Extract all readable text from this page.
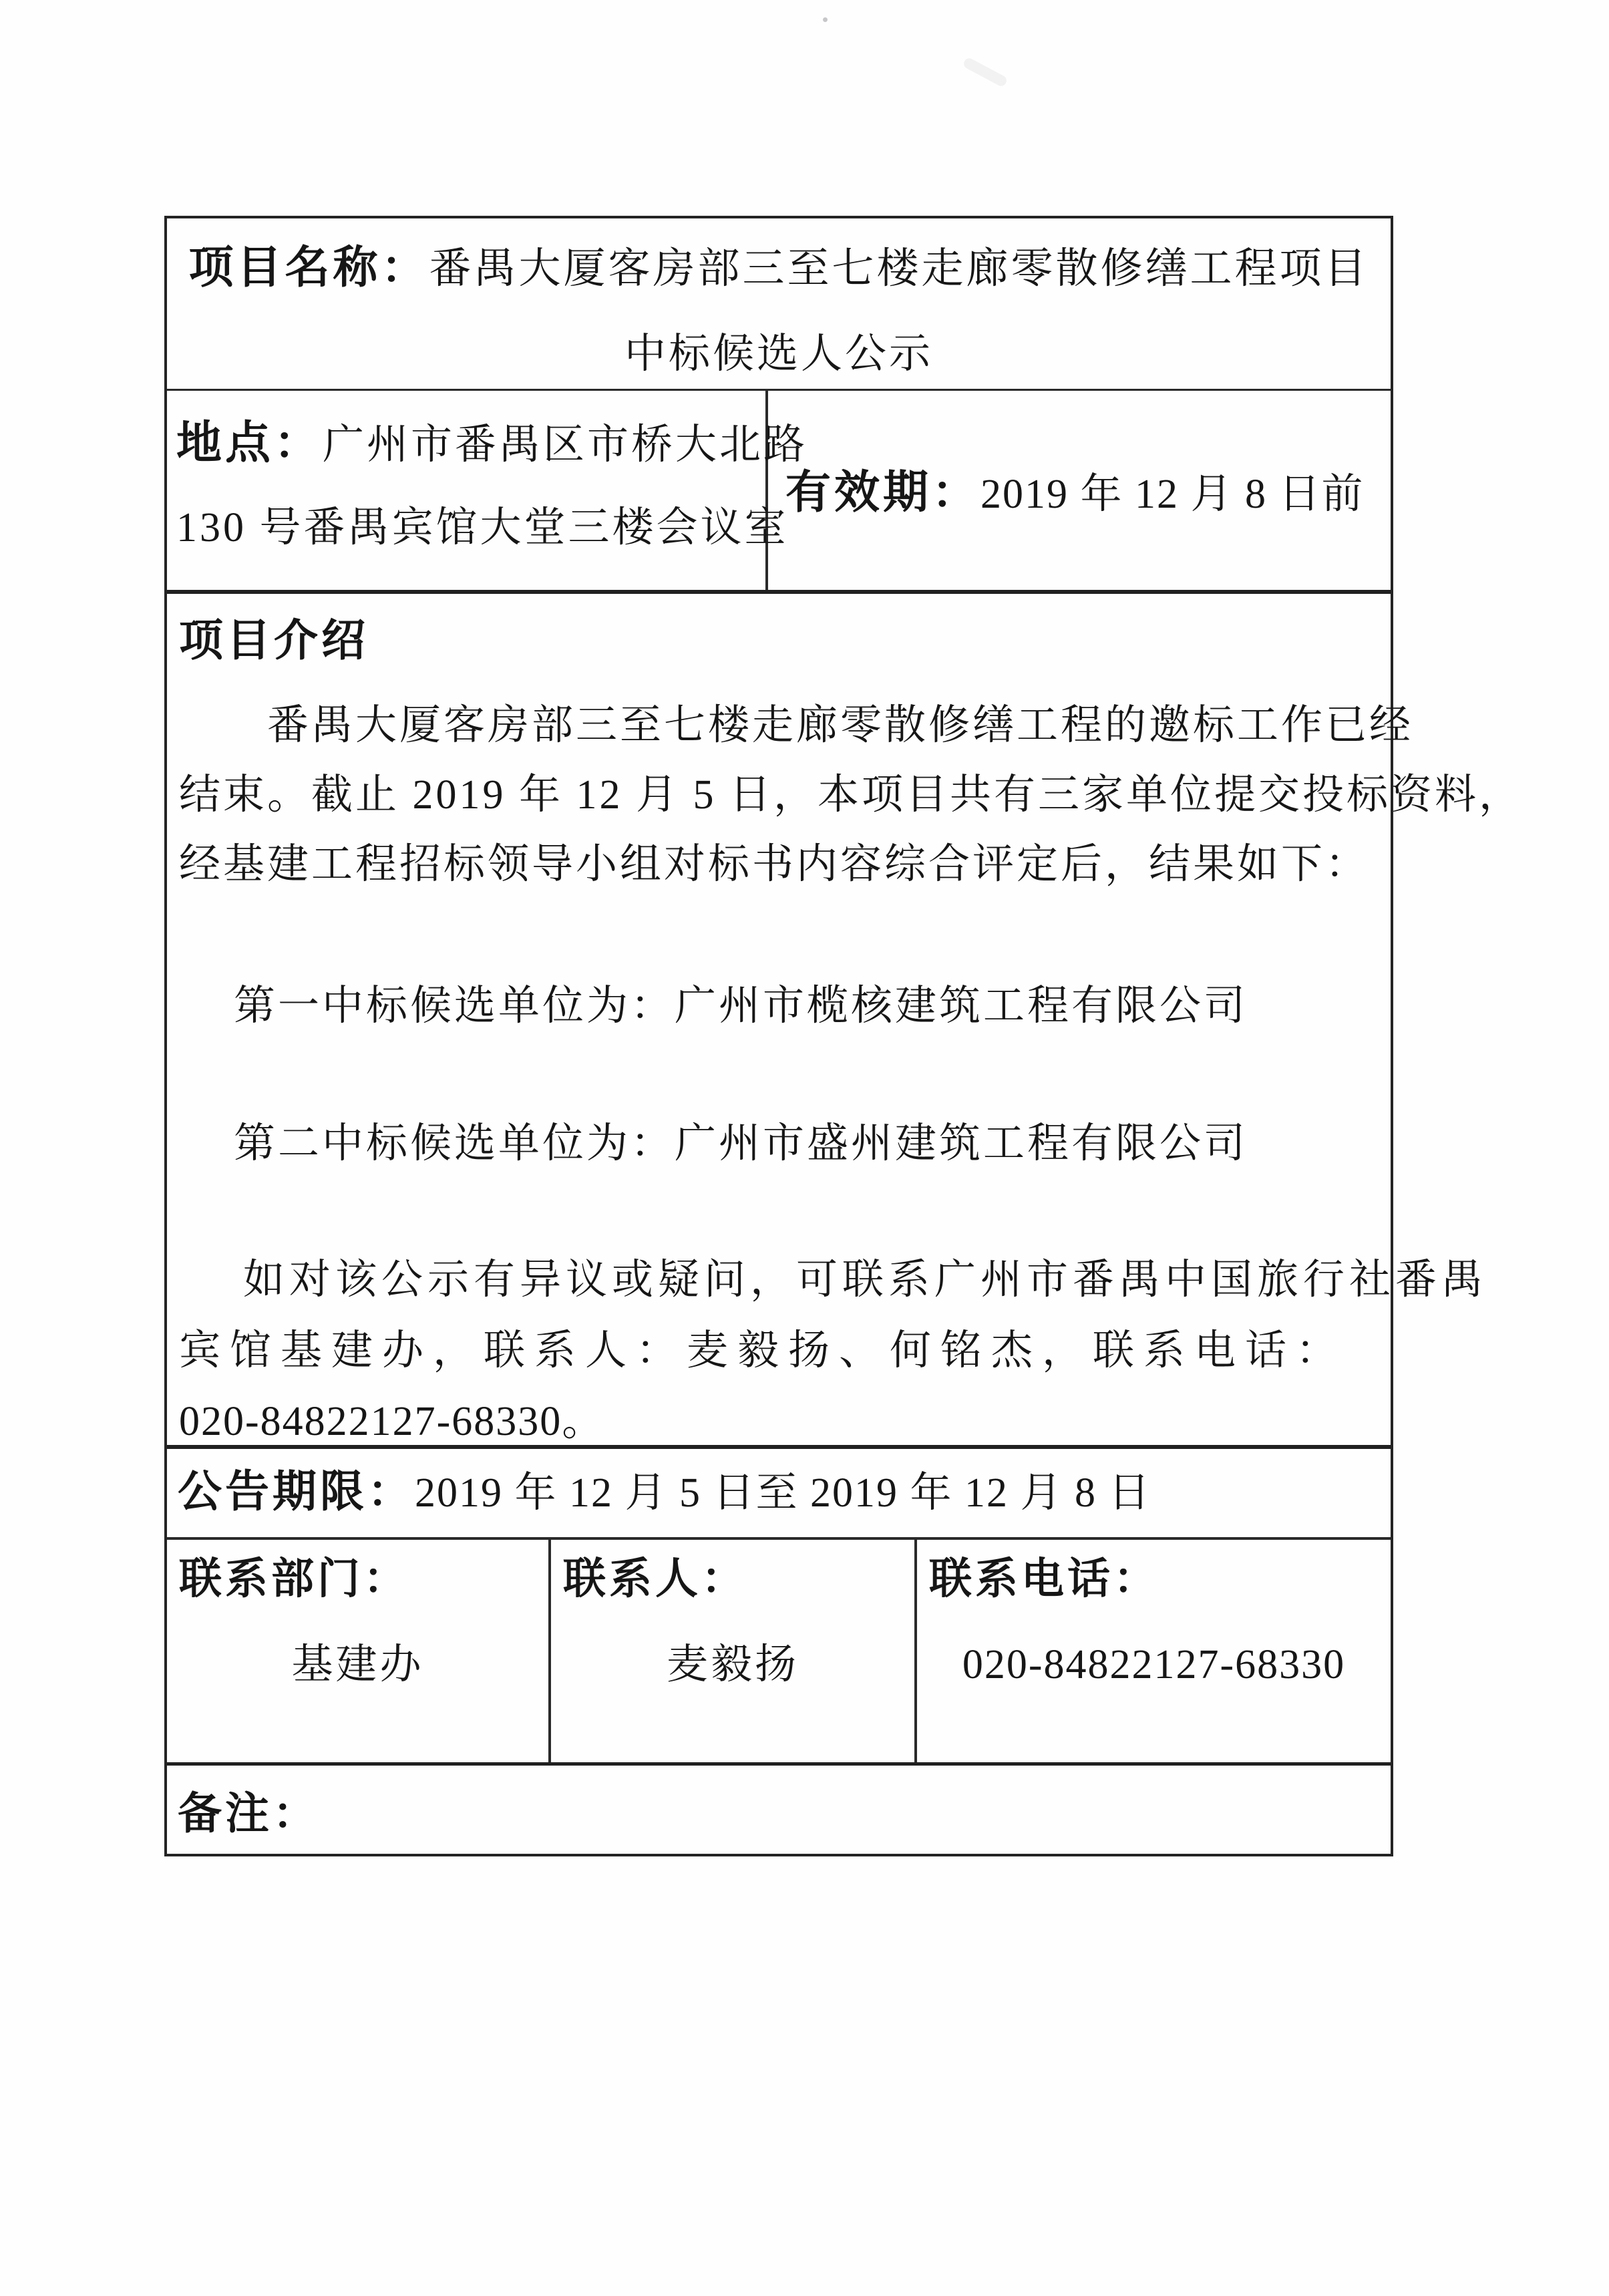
项目名称：番禺大厦客房部三至七楼走廊零散修缮工程项目
中标候选人公示
地点：广州市番禺区市桥大北路
130 号番禺宾馆大堂三楼会议室
有效期：2019 年 12 月 8 日前
项目介绍
番禺大厦客房部三至七楼走廊零散修缮工程的邀标工作已经
结束。截止 2019 年 12 月 5 日，本项目共有三家单位提交投标资料，
经基建工程招标领导小组对标书内容综合评定后，结果如下：
第一中标候选单位为：广州市榄核建筑工程有限公司
第二中标候选单位为：广州市盛州建筑工程有限公司
如对该公示有异议或疑问，可联系广州市番禺中国旅行社番禺
宾馆基建办，联系人：麦毅扬、何铭杰，联系电话：
020-84822127-68330。
公告期限：2019 年 12 月 5 日至 2019 年 12 月 8 日
联系部门：
基建办
联系人：
麦毅扬
联系电话：
020-84822127-68330
备注：
